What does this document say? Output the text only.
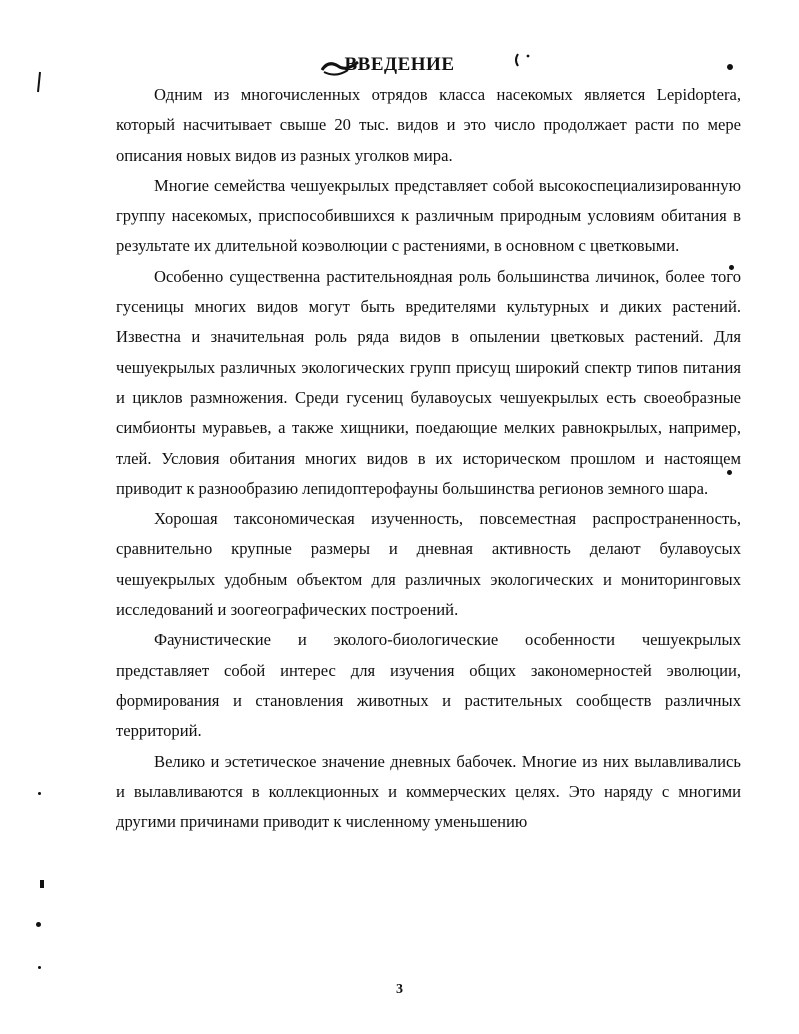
ВВЕДЕНИЕ

Одним из многочисленных отрядов класса насекомых является Lepidoptera, который насчитывает свыше 20 тыс. видов и это число продолжает расти по мере описания новых видов из разных уголков мира.

Многие семейства чешуекрылых представляет собой высокоспециализированную группу насекомых, приспособившихся к различным природным условиям обитания в результате их длительной коэволюции с растениями, в основном с цветковыми.

Особенно существенна растительноядная роль большинства личинок, более того гусеницы многих видов могут быть вредителями культурных и диких растений. Известна и значительная роль ряда видов в опылении цветковых растений. Для чешуекрылых различных экологических групп присущ широкий спектр типов питания и циклов размножения. Среди гусениц булавоусых чешуекрылых есть своеобразные симбионты муравьев, а также хищники, поедающие мелких равнокрылых, например, тлей. Условия обитания многих видов в их историческом прошлом и настоящем приводит к разнообразию лепидоптерофауны большинства регионов земного шара.

Хорошая таксономическая изученность, повсеместная распространенность, сравнительно крупные размеры и дневная активность делают булавоусых чешуекрылых удобным объектом для различных экологических и мониторинговых исследований и зоогеографических построений.

Фаунистические и эколого-биологические особенности чешуекрылых представляет собой интерес для изучения общих закономерностей эволюции, формирования и становления животных и растительных сообществ различных территорий.

Велико и эстетическое значение дневных бабочек. Многие из них вылавливались и вылавливаются в коллекционных и коммерческих целях. Это наряду с многими другими причинами приводит к численному уменьшению

3
